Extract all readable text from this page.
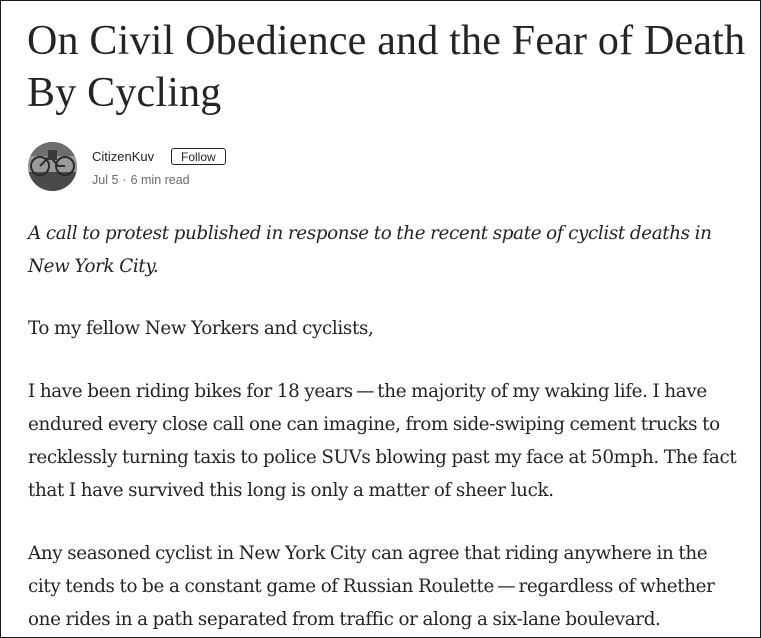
On Civil Obedience and the Fear of Death By Cycling
CitizenKuv	Follow
Jul 5 · 6 min read

A call to protest published in response to the recent spate of cyclist deaths in New York City.

To my fellow New Yorkers and cyclists,

I have been riding bikes for 18 years — the majority of my waking life. I have endured every close call one can imagine, from side-swiping cement trucks to recklessly turning taxis to police SUVs blowing past my face at 50mph. The fact that I have survived this long is only a matter of sheer luck.

Any seasoned cyclist in New York City can agree that riding anywhere in the city tends to be a constant game of Russian Roulette — regardless of whether one rides in a path separated from traffic or along a six-lane boulevard.
